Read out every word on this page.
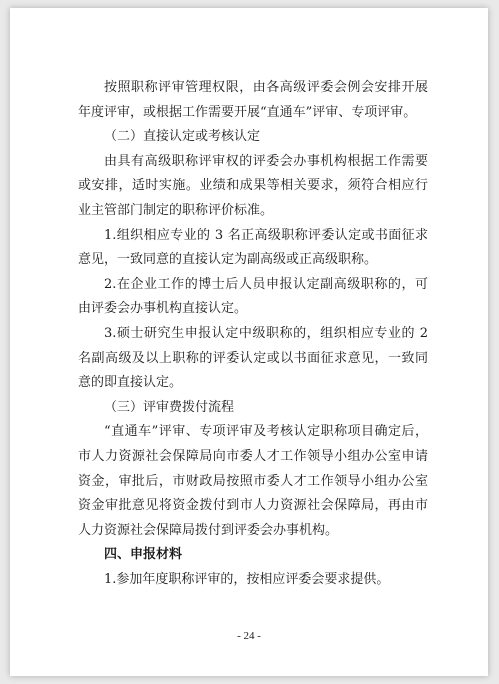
按照职称评审管理权限，由各高级评委会例会安排开展年度评审，或根据工作需要开展“直通车”评审、专项评审。

（二）直接认定或考核认定

由具有高级职称评审权的评委会办事机构根据工作需要或安排，适时实施。业绩和成果等相关要求，须符合相应行业主管部门制定的职称评价标准。

1.组织相应专业的 3 名正高级职称评委认定或书面征求意见，一致同意的直接认定为副高级或正高级职称。

2.在企业工作的博士后人员申报认定副高级职称的，可由评委会办事机构直接认定。

3.硕士研究生申报认定中级职称的，组织相应专业的 2 名副高级及以上职称的评委认定或以书面征求意见，一致同意的即直接认定。

（三）评审费拨付流程

“直通车”评审、专项评审及考核认定职称项目确定后，市人力资源社会保障局向市委人才工作领导小组办公室申请资金，审批后，市财政局按照市委人才工作领导小组办公室资金审批意见将资金拨付到市人力资源社会保障局，再由市人力资源社会保障局拨付到评委会办事机构。

四、申报材料

1.参加年度职称评审的，按相应评委会要求提供。

- 24 -
